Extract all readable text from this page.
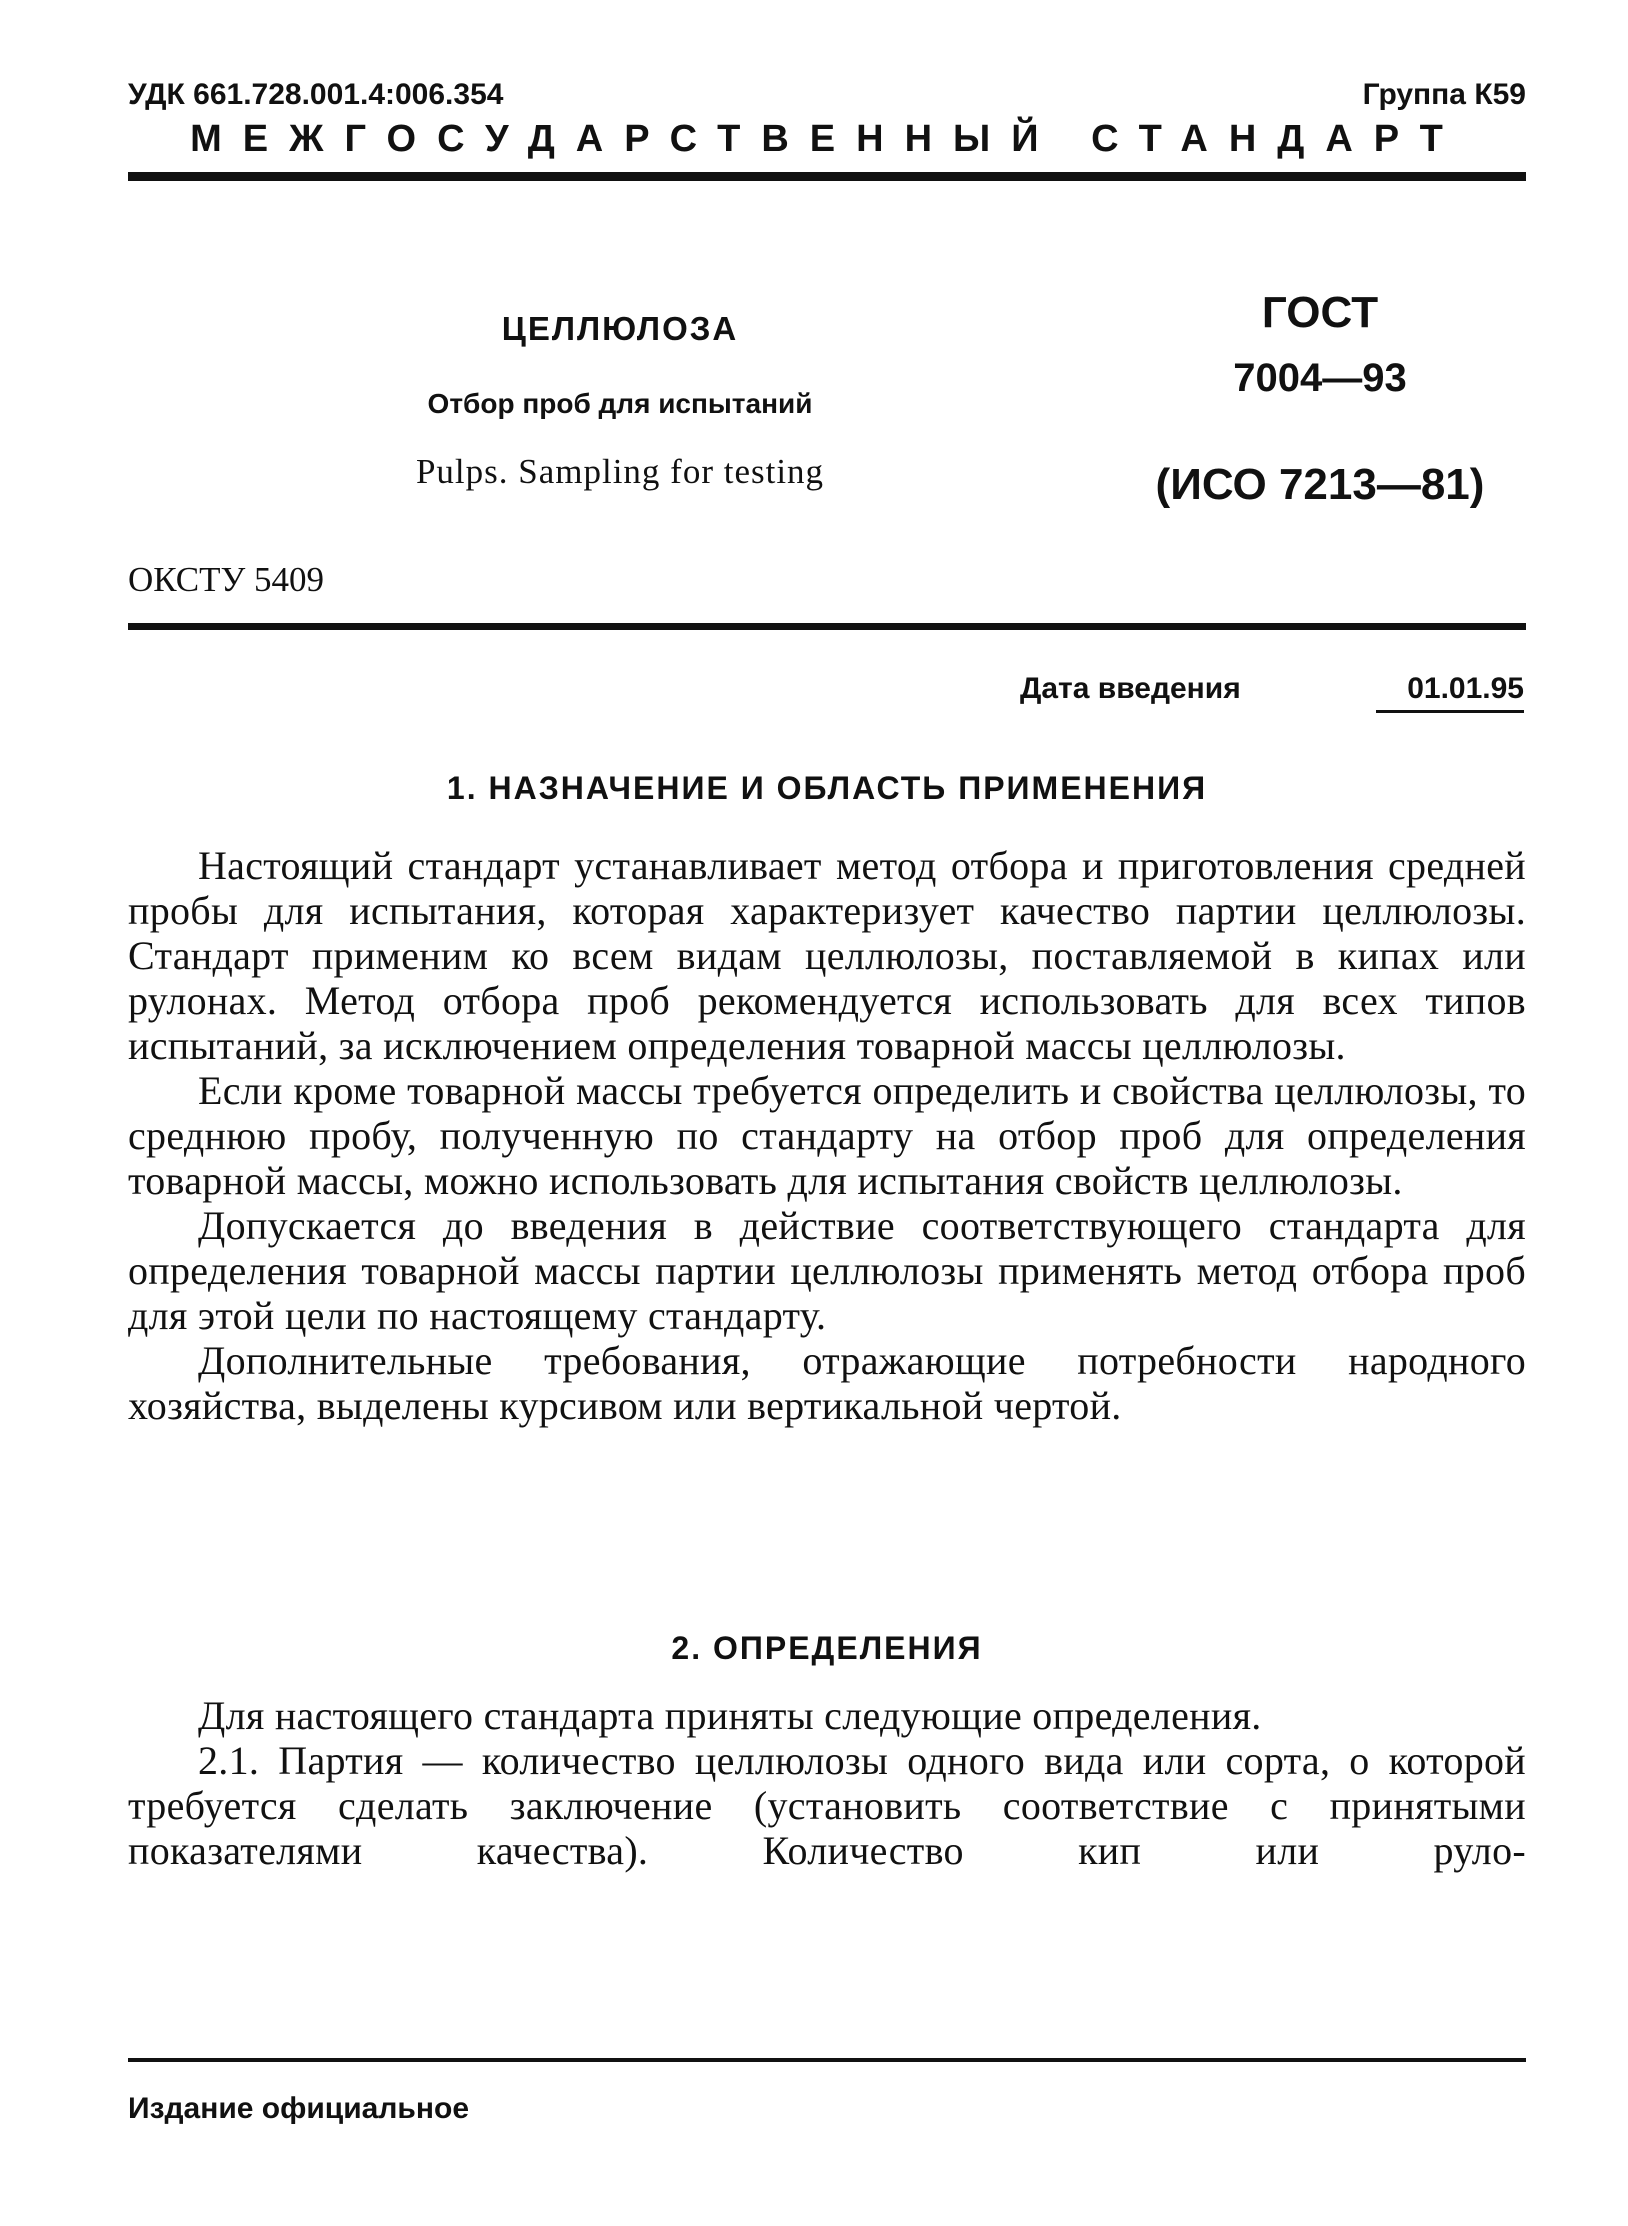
УДК 661.728.001.4:006.354	Группа К59
МЕЖГОСУДАРСТВЕННЫЙ СТАНДАРТ
ЦЕЛЛЮЛОЗА
Отбор проб для испытаний
Pulps. Sampling for testing
ГОСТ
7004—93
(ИСО 7213—81)
ОКСТУ 5409
Дата введения	01.01.95
1. НАЗНАЧЕНИЕ И ОБЛАСТЬ ПРИМЕНЕНИЯ

Настоящий стандарт устанавливает метод отбора и приготовления средней пробы для испытания, которая характеризует качество партии целлюлозы. Стандарт применим ко всем видам целлюлозы, поставляемой в кипах или рулонах. Метод отбора проб рекомендуется использовать для всех типов испытаний, за исключением определения товарной массы целлюлозы.

Если кроме товарной массы требуется определить и свойства целлюлозы, то среднюю пробу, полученную по стандарту на отбор проб для определения товарной массы, можно использовать для испытания свойств целлюлозы.

Допускается до введения в действие соответствующего стандарта для определения товарной массы партии целлюлозы применять метод отбора проб для этой цели по настоящему стандарту.

Дополнительные требования, отражающие потребности народного хозяйства, выделены курсивом или вертикальной чертой.

2. ОПРЕДЕЛЕНИЯ

Для настоящего стандарта приняты следующие определения.

2.1. Партия — количество целлюлозы одного вида или сорта, о которой требуется сделать заключение (установить соответствие с принятыми показателями качества). Количество кип или руло-

Издание официальное
